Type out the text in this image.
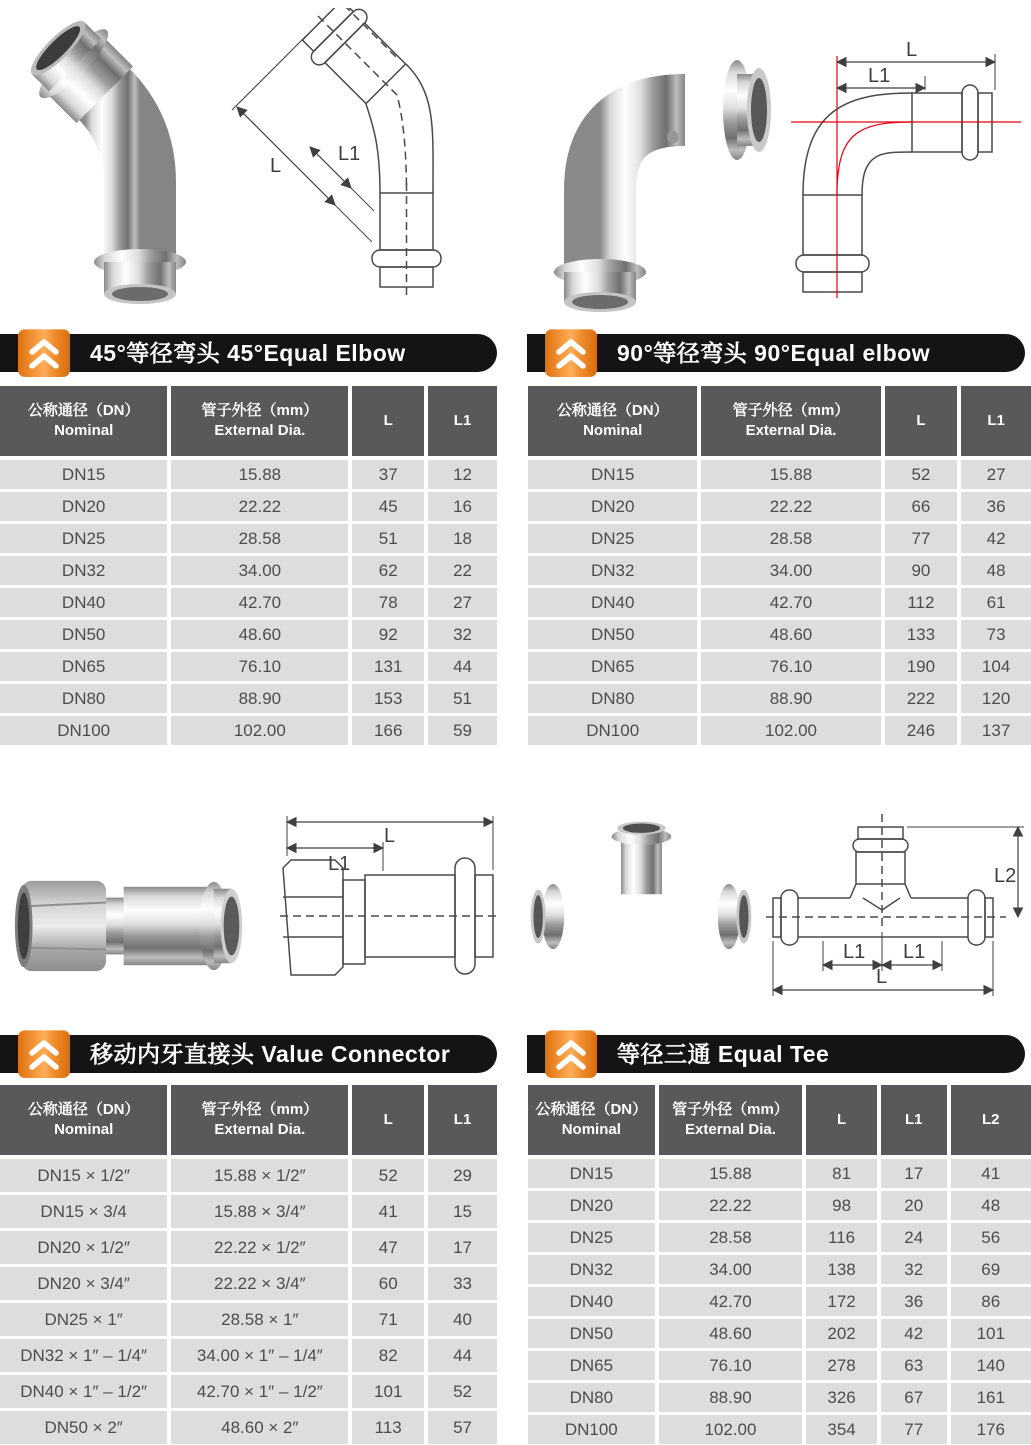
L
L1
L
L1
45°等径弯头 45°Equal Elbow	90°等径弯头 90°Equal elbow
公称通径（DN）
Nominal

管子外径（mm）
External Dia.

L	L1

DN15	15.88	37	12
DN20	22.22	45	16
DN25	28.58	51	18
DN32	34.00	62	22
DN40	42.70	78	27
DN50	48.60	92	32
DN65	76.10	131	44
DN80	88.90	153	51
DN100	102.00	166	59
公称通径（DN）
Nominal

管子外径（mm）
External Dia.

L	L1

DN15	15.88	52	27
DN20	22.22	66	36
DN25	28.58	77	42
DN32	34.00	90	48
DN40	42.70	112	61
DN50	48.60	133	73
DN65	76.10	190	104
DN80	88.90	222	120
DN100	102.00	246	137
L
L1
L2
L1 L1
L
移动内牙直接头 Value Connector	等径三通 Equal Tee
公称通径（DN）
Nominal

管子外径（mm）
External Dia.

L	L1

DN15 × 1/2″	15.88 × 1/2″	52	29
DN15 × 3/4	15.88 × 3/4″	41	15
DN20 × 1/2″	22.22 × 1/2″	47	17
DN20 × 3/4″	22.22 × 3/4″	60	33
DN25 × 1″	28.58 × 1″	71	40
DN32 × 1″ – 1/4″	34.00 × 1″ – 1/4″	82	44
DN40 × 1″ – 1/2″	42.70 × 1″ – 1/2″	101	52
DN50 × 2″	48.60 × 2″	113	57
公称通径（DN）
Nominal

管子外径（mm）
External Dia.

L	L1	L2

DN15	15.88	81	17	41
DN20	22.22	98	20	48
DN25	28.58	116	24	56
DN32	34.00	138	32	69
DN40	42.70	172	36	86
DN50	48.60	202	42	101
DN65	76.10	278	63	140
DN80	88.90	326	67	161
DN100	102.00	354	77	176
